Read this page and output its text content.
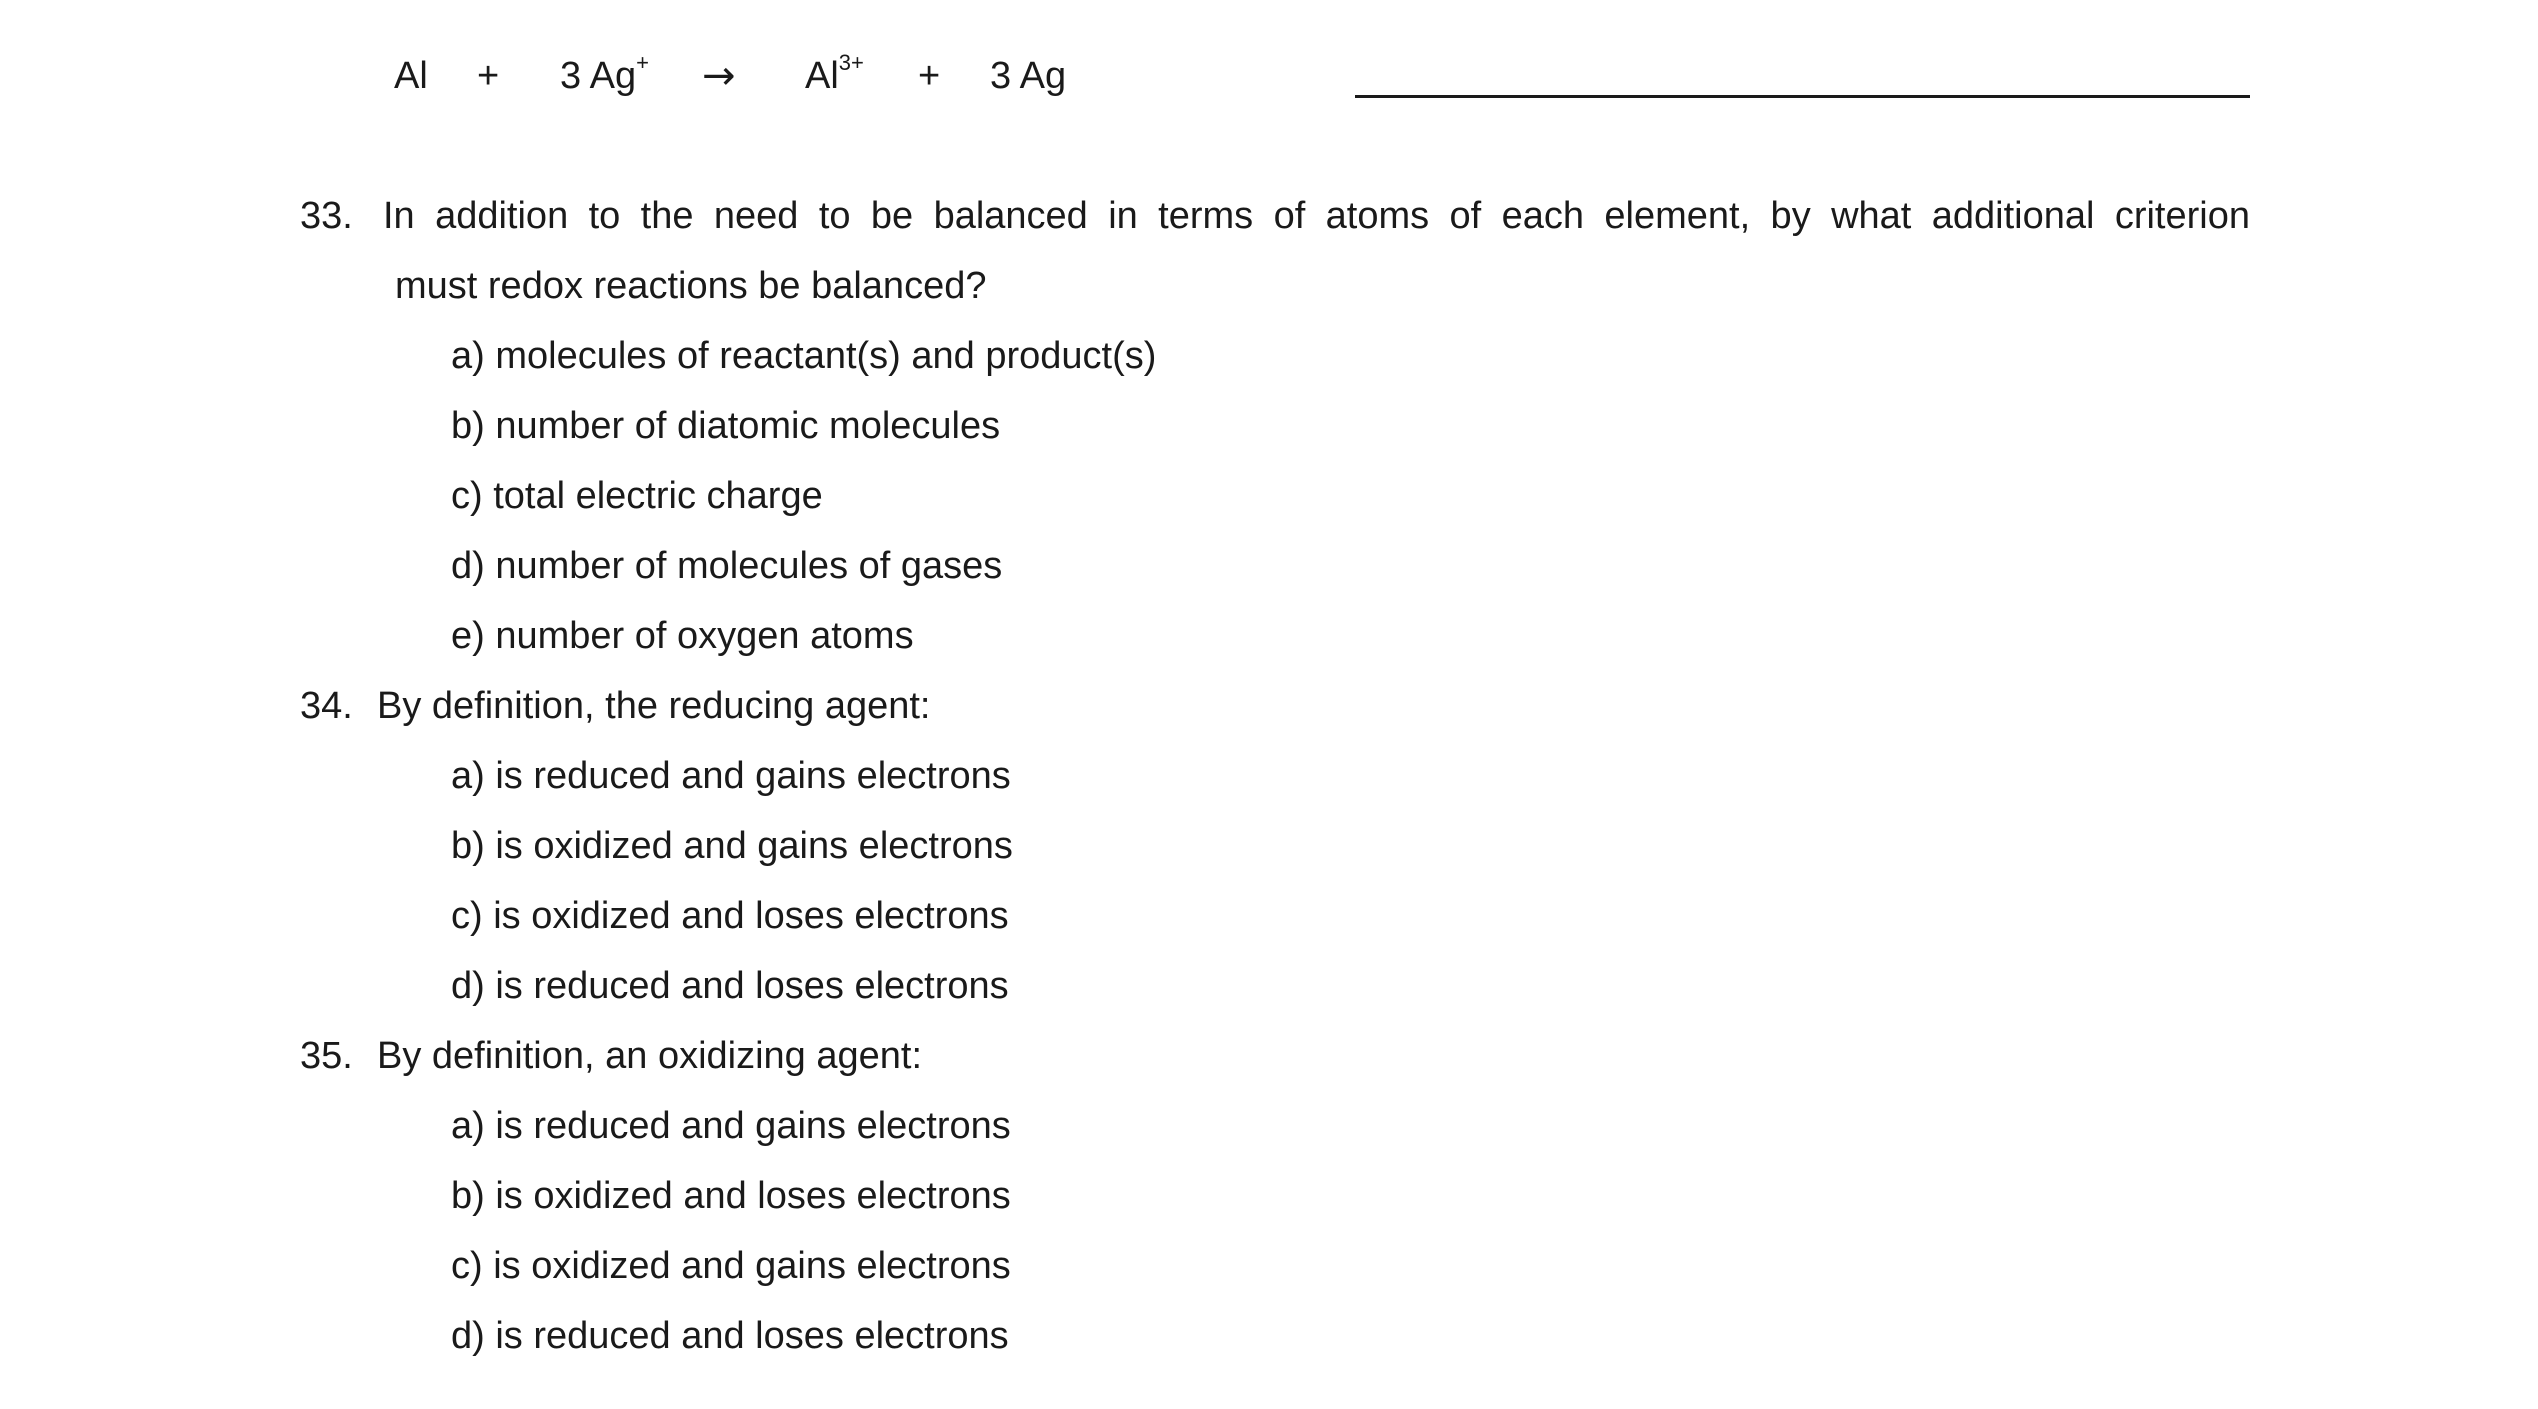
Al + 3 $Ag^+ \to Al^{3+} + 3$ Ag
33. In addition to the need to be balanced in terms of atoms of each element, by what additional criterion
must redox reactions be balanced?
a) molecules of reactant(s) and product(s)
b) number of diatomic molecules
c) total electric charge
d) number of molecules of gases
e) number of oxygen atoms
34. By definition, the reducing agent:
a) is reduced and gains electrons
b) is oxidized and gains electrons
c) is oxidized and loses electrons
d) is reduced and loses electrons
35. By definition, an oxidizing agent:
a) is reduced and gains electrons
b) is oxidized and loses electrons
c) is oxidized and gains electrons
d) is reduced and loses electrons
